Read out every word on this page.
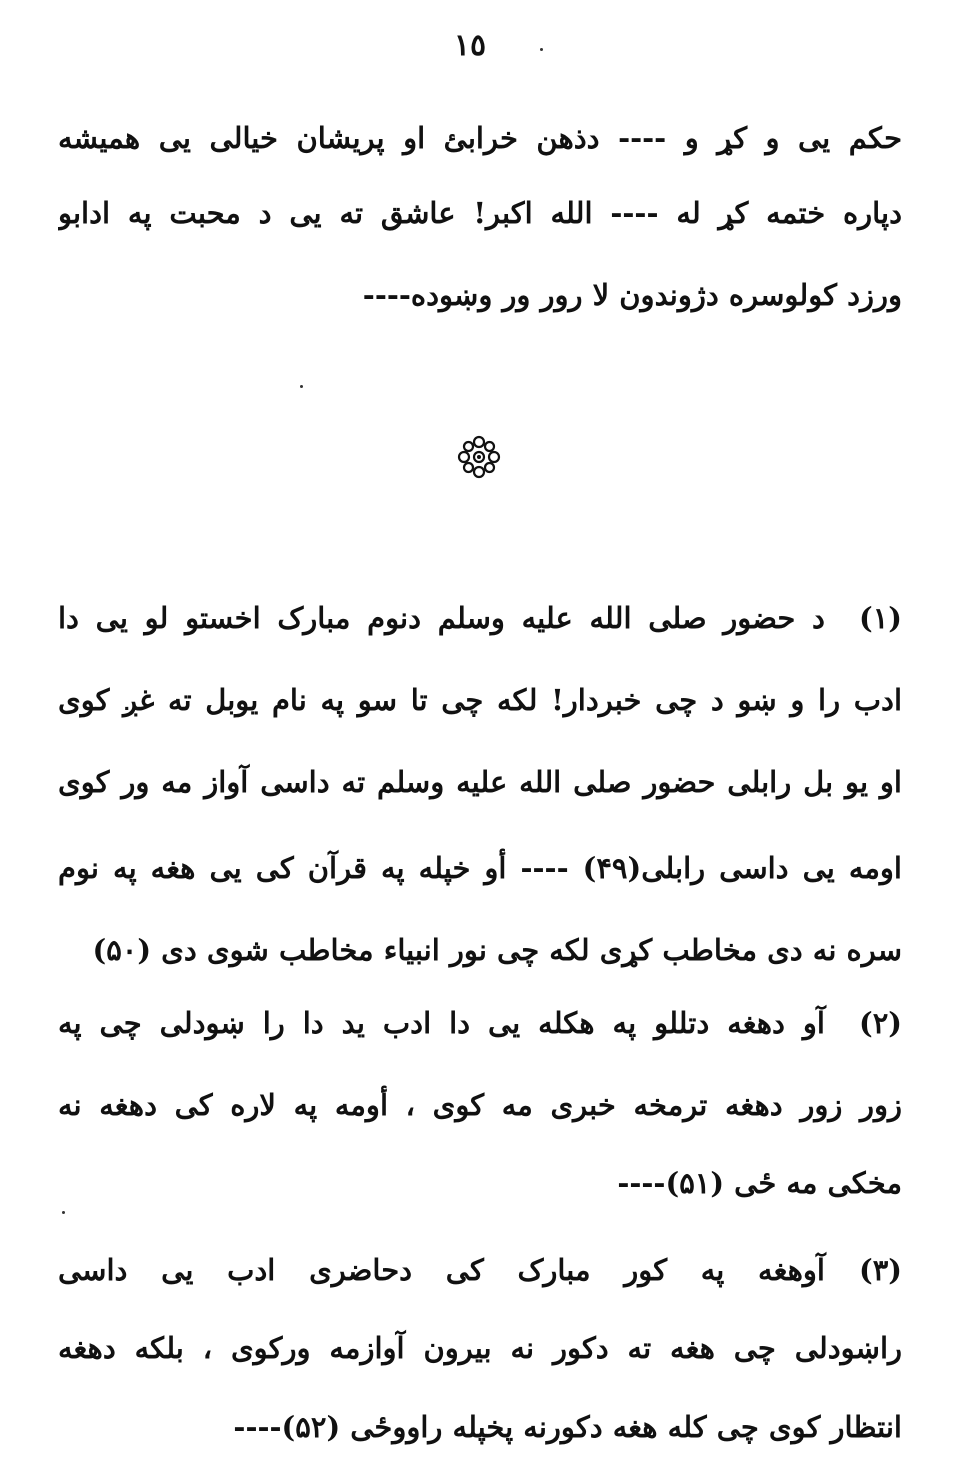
١٥
حکم یی و کړ و ---- دذهن خرابئ او پریشان خیالی یی همیشه
دپاره ختمه کړ له ---- الله اکبر! عاشق ته یی د محبت په ادابو
ورزد کولوسره دژوندون لا رور ور وښوده----
(۱)د حضور صلی الله علیه وسلم دنوم مبارک اخستو لو یی دا
ادب را و ښو د چی خبردار! لکه چی تا سو په نام یوبل ته غږ کوی
او یو بل رابلی حضور صلی الله علیه وسلم ته داسی آواز مه ور کوی
اومه یی داسی رابلی(۴۹) ---- أو خپله په قرآن کی یی هغه په نوم
سره نه دی مخاطب کړی لکه چی نور انبیاء مخاطب شوی دی (۵۰)
(۲)آو دهغه دتللو په هکله یی دا ادب ید دا را ښودلی چی په
زور زور دهغه ترمخه خبری مه کوی ، أومه په لاره کی دهغه نه
مخکی مه ځی (۵۱)----
(۳)آوهغه په کور مبارک کی دحاضری ادب یی داسی
راښودلی چی هغه ته دکور نه بیرون آوازمه ورکوی ، بلکه دهغه
انتظار کوی چی کله هغه دکورنه پخپله راووځی (۵۲)----
